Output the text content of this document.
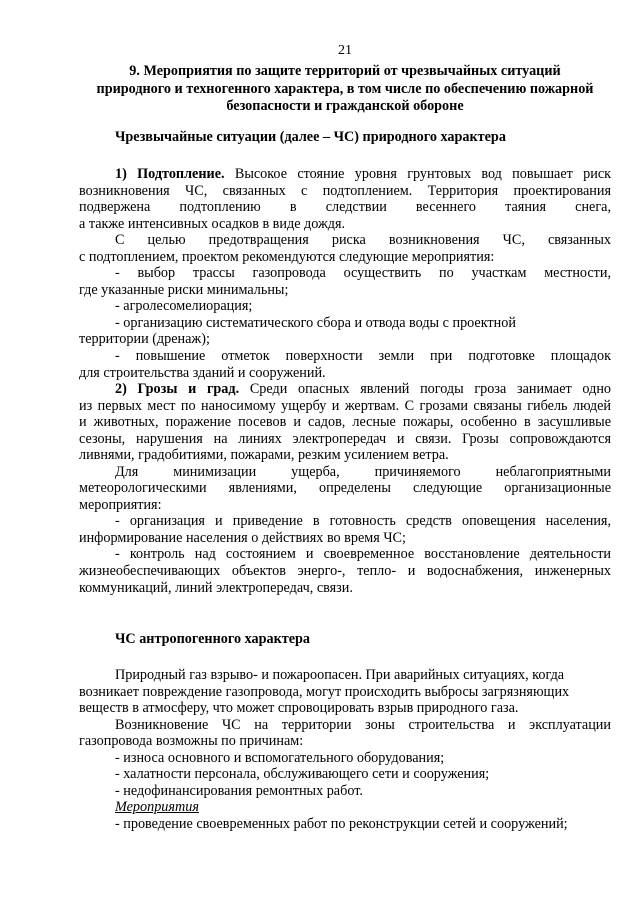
21
9. Мероприятия по защите территорий от чрезвычайных ситуаций
природного и техногенного характера, в том числе по обеспечению пожарной
безопасности и гражданской обороне
Чрезвычайные ситуации (далее – ЧС) природного характера
1) Подтопление. Высокое стояние уровня грунтовых вод повышает риск
возникновения ЧС, связанных с подтоплением. Территория проектирования
подвержена подтоплению в следствии весеннего таяния снега,
а также интенсивных осадков в виде дождя.
С целью предотвращения риска возникновения ЧС, связанных
с подтоплением, проектом рекомендуются следующие мероприятия:
- выбор трассы газопровода осуществить по участкам местности,
где указанные риски минимальны;
- агролесомелиорация;
- организацию систематического сбора и отвода воды с проектной
территории (дренаж);
- повышение отметок поверхности земли при подготовке площадок
для строительства зданий и сооружений.
2) Грозы и град. Среди опасных явлений погоды гроза занимает одно
из первых мест по наносимому ущербу и жертвам. С грозами связаны гибель людей
и животных, поражение посевов и садов, лесные пожары, особенно в засушливые
сезоны, нарушения на линиях электропередач и связи. Грозы сопровождаются
ливнями, градобитиями, пожарами, резким усилением ветра.
Для минимизации ущерба, причиняемого неблагоприятными
метеорологическими явлениями, определены следующие организационные
мероприятия:
- организация и приведение в готовность средств оповещения населения,
информирование населения о действиях во время ЧС;
- контроль над состоянием и своевременное восстановление деятельности
жизнеобеспечивающих объектов энерго-, тепло- и водоснабжения, инженерных
коммуникаций, линий электропередач, связи.
ЧС антропогенного характера
Природный газ взрыво- и пожароопасен. При аварийных ситуациях, когда
возникает повреждение газопровода, могут происходить выбросы загрязняющих
веществ в атмосферу, что может спровоцировать взрыв природного газа.
Возникновение ЧС на территории зоны строительства и эксплуатации
газопровода возможны по причинам:
- износа основного и вспомогательного оборудования;
- халатности персонала, обслуживающего сети и сооружения;
- недофинансирования ремонтных работ.
Мероприятия
- проведение своевременных работ по реконструкции сетей и сооружений;
